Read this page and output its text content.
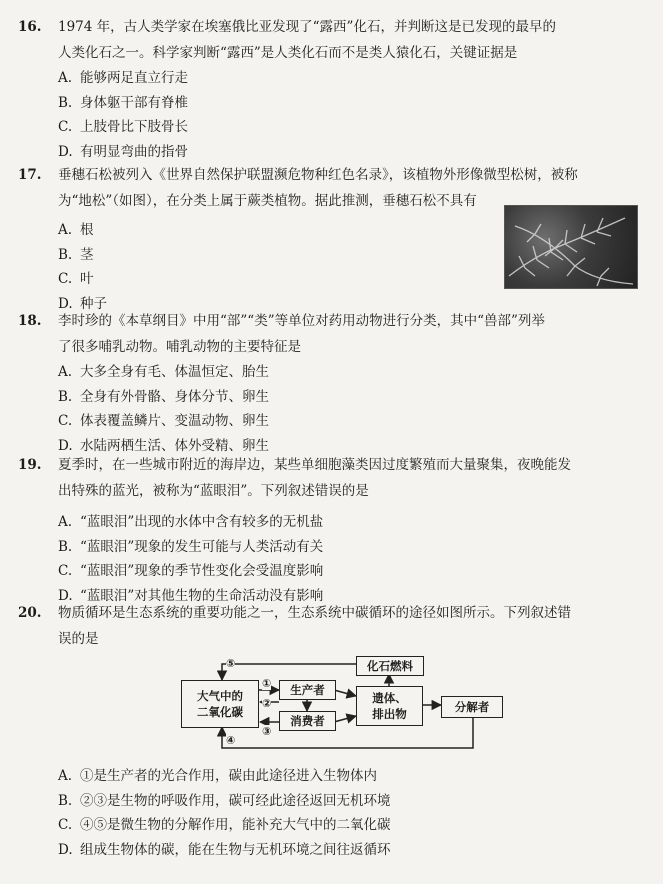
16.	1974 年，古人类学家在埃塞俄比亚发现了“露西”化石，并判断这是已发现的最早的
人类化石之一。科学家判断“露西”是人类化石而不是类人猿化石，关键证据是
A. 能够两足直立行走
B. 身体躯干部有脊椎
C. 上肢骨比下肢骨长
D. 有明显弯曲的指骨
17.	垂穗石松被列入《世界自然保护联盟濒危物种红色名录》，该植物外形像微型松树，被称
为“地松”（如图），在分类上属于蕨类植物。据此推测，垂穗石松不具有
A. 根
B. 茎
C. 叶
D. 种子
18.	李时珍的《本草纲目》中用“部”“类”等单位对药用动物进行分类，其中“兽部”列举
了很多哺乳动物。哺乳动物的主要特征是
A. 大多全身有毛、体温恒定、胎生
B. 全身有外骨骼、身体分节、卵生
C. 体表覆盖鳞片、变温动物、卵生
D. 水陆两栖生活、体外受精、卵生
19.	夏季时，在一些城市附近的海岸边，某些单细胞藻类因过度繁殖而大量聚集，夜晚能发
出特殊的蓝光，被称为“蓝眼泪”。下列叙述错误的是
A. “蓝眼泪”出现的水体中含有较多的无机盐
B. “蓝眼泪”现象的发生可能与人类活动有关
C. “蓝眼泪”现象的季节性变化会受温度影响
D. “蓝眼泪”对其他生物的生命活动没有影响
20.	物质循环是生态系统的重要功能之一，生态系统中碳循环的途径如图所示。下列叙述错
误的是
大气中的
二氧化碳
生产者
消费者
化石燃料
遗体、
排出物	分解者
⑤
①
②
③
④
A. ①是生产者的光合作用，碳由此途径进入生物体内
B. ②③是生物的呼吸作用，碳可经此途径返回无机环境
C. ④⑤是微生物的分解作用，能补充大气中的二氧化碳
D. 组成生物体的碳，能在生物与无机环境之间往返循环
